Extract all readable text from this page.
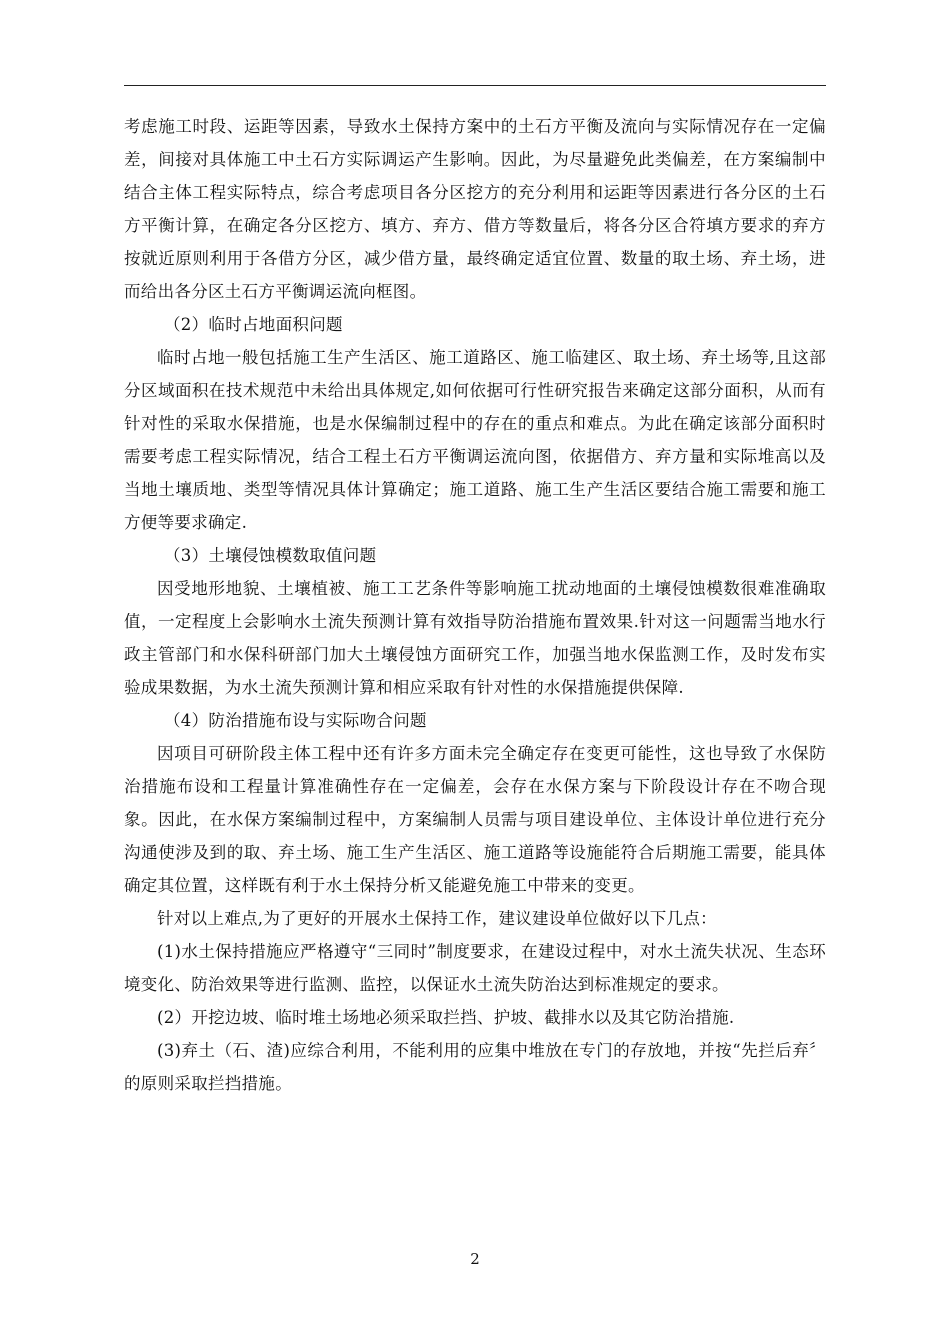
考虑施工时段、运距等因素，导致水土保持方案中的土石方平衡及流向与实际情况存在一定偏差，间接对具体施工中土石方实际调运产生影响。因此，为尽量避免此类偏差，在方案编制中结合主体工程实际特点，综合考虑项目各分区挖方的充分利用和运距等因素进行各分区的土石方平衡计算，在确定各分区挖方、填方、弃方、借方等数量后，将各分区合符填方要求的弃方按就近原则利用于各借方分区，减少借方量，最终确定适宜位置、数量的取土场、弃土场，进而给出各分区土石方平衡调运流向框图。

（2）临时占地面积问题

临时占地一般包括施工生产生活区、施工道路区、施工临建区、取土场、弃土场等,且这部分区域面积在技术规范中未给出具体规定,如何依据可行性研究报告来确定这部分面积，从而有针对性的采取水保措施，也是水保编制过程中的存在的重点和难点。为此在确定该部分面积时需要考虑工程实际情况，结合工程土石方平衡调运流向图，依据借方、弃方量和实际堆高以及当地土壤质地、类型等情况具体计算确定；施工道路、施工生产生活区要结合施工需要和施工方便等要求确定.

（3）土壤侵蚀模数取值问题

因受地形地貌、土壤植被、施工工艺条件等影响施工扰动地面的土壤侵蚀模数很难准确取值，一定程度上会影响水土流失预测计算有效指导防治措施布置效果.针对这一问题需当地水行政主管部门和水保科研部门加大土壤侵蚀方面研究工作，加强当地水保监测工作，及时发布实验成果数据，为水土流失预测计算和相应采取有针对性的水保措施提供保障.

（4）防治措施布设与实际吻合问题

因项目可研阶段主体工程中还有许多方面未完全确定存在变更可能性，这也导致了水保防治措施布设和工程量计算准确性存在一定偏差，会存在水保方案与下阶段设计存在不吻合现象。因此，在水保方案编制过程中，方案编制人员需与项目建设单位、主体设计单位进行充分沟通使涉及到的取、弃土场、施工生产生活区、施工道路等设施能符合后期施工需要，能具体确定其位置，这样既有利于水土保持分析又能避免施工中带来的变更。

针对以上难点,为了更好的开展水土保持工作，建议建设单位做好以下几点：

(1)水土保持措施应严格遵守“三同时”制度要求，在建设过程中，对水土流失状况、生态环境变化、防治效果等进行监测、监控，以保证水土流失防治达到标准规定的要求。

(2）开挖边坡、临时堆土场地必须采取拦挡、护坡、截排水以及其它防治措施.

(3)弃土（石、渣)应综合利用，不能利用的应集中堆放在专门的存放地，并按“先拦后弃〞的原则采取拦挡措施。

2
